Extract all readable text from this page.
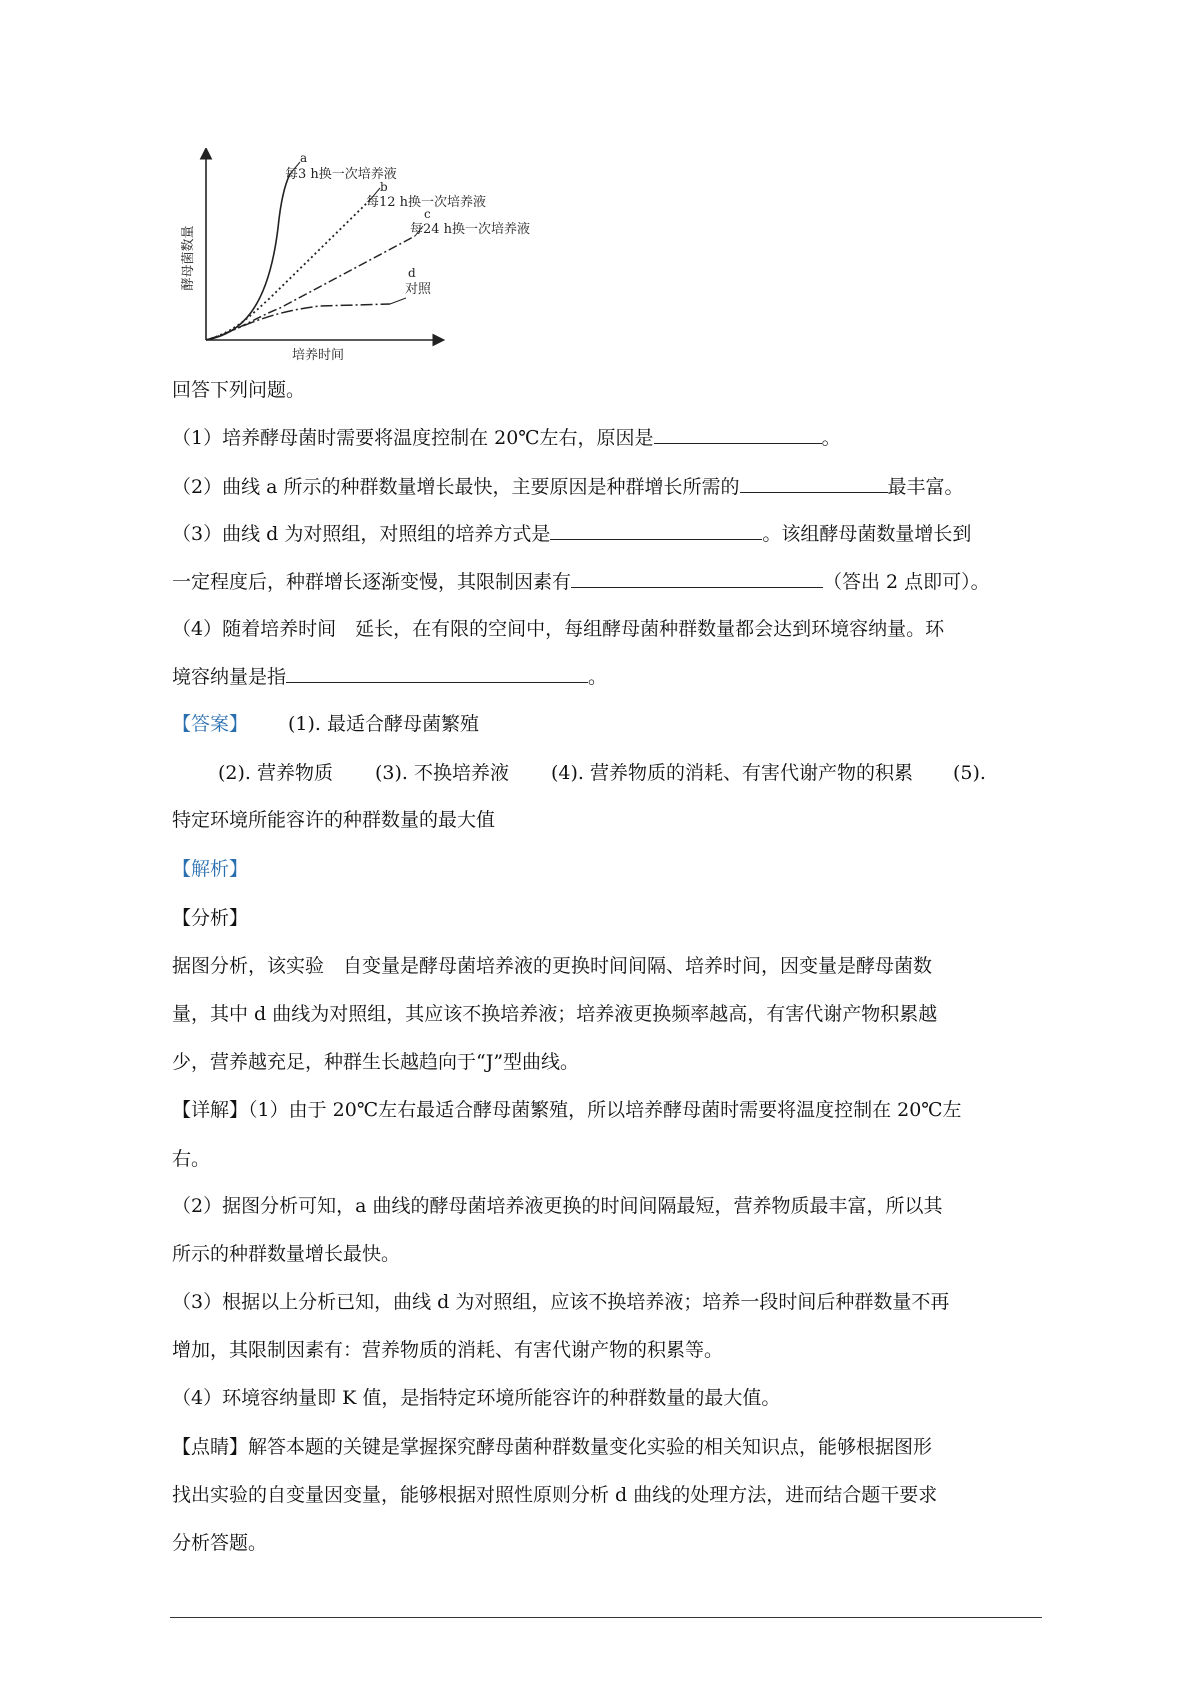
a
每3 h换一次培养液
b
每12 h换一次培养液
c
每24 h换一次培养液
d
对照
培养时间
酵母菌数量
回答下列问题。
（1）培养酵母菌时需要将温度控制在 20℃左右，原因是	。
（2）曲线 a 所示的种群数量增长最快，主要原因是种群增长所需的	最丰富。
（3）曲线 d 为对照组，对照组的培养方式是	。该组酵母菌数量增长到
一定程度后，种群增长逐渐变慢，其限制因素有	（答出 2 点即可）。
（4）随着培养时间　延长，在有限的空间中，每组酵母菌种群数量都会达到环境容纳量。环
境容纳量是指	。
【答案】 (1). 最适合酵母菌繁殖
(2). 营养物质 (3). 不换培养液 (4). 营养物质的消耗、有害代谢产物的积累 (5).
特定环境所能容许的种群数量的最大值
【解析】
【分析】
据图分析，该实验　自变量是酵母菌培养液的更换时间间隔、培养时间，因变量是酵母菌数
量，其中 d 曲线为对照组，其应该不换培养液；培养液更换频率越高，有害代谢产物积累越
少，营养越充足，种群生长越趋向于“J”型曲线。
【详解】（1）由于 20℃左右最适合酵母菌繁殖，所以培养酵母菌时需要将温度控制在 20℃左
右。
（2）据图分析可知，a 曲线的酵母菌培养液更换的时间间隔最短，营养物质最丰富，所以其
所示的种群数量增长最快。
（3）根据以上分析已知，曲线 d 为对照组，应该不换培养液；培养一段时间后种群数量不再
增加，其限制因素有：营养物质的消耗、有害代谢产物的积累等。
（4）环境容纳量即 K 值，是指特定环境所能容许的种群数量的最大值。
【点睛】解答本题的关键是掌握探究酵母菌种群数量变化实验的相关知识点，能够根据图形
找出实验的自变量因变量，能够根据对照性原则分析 d 曲线的处理方法，进而结合题干要求
分析答题。
